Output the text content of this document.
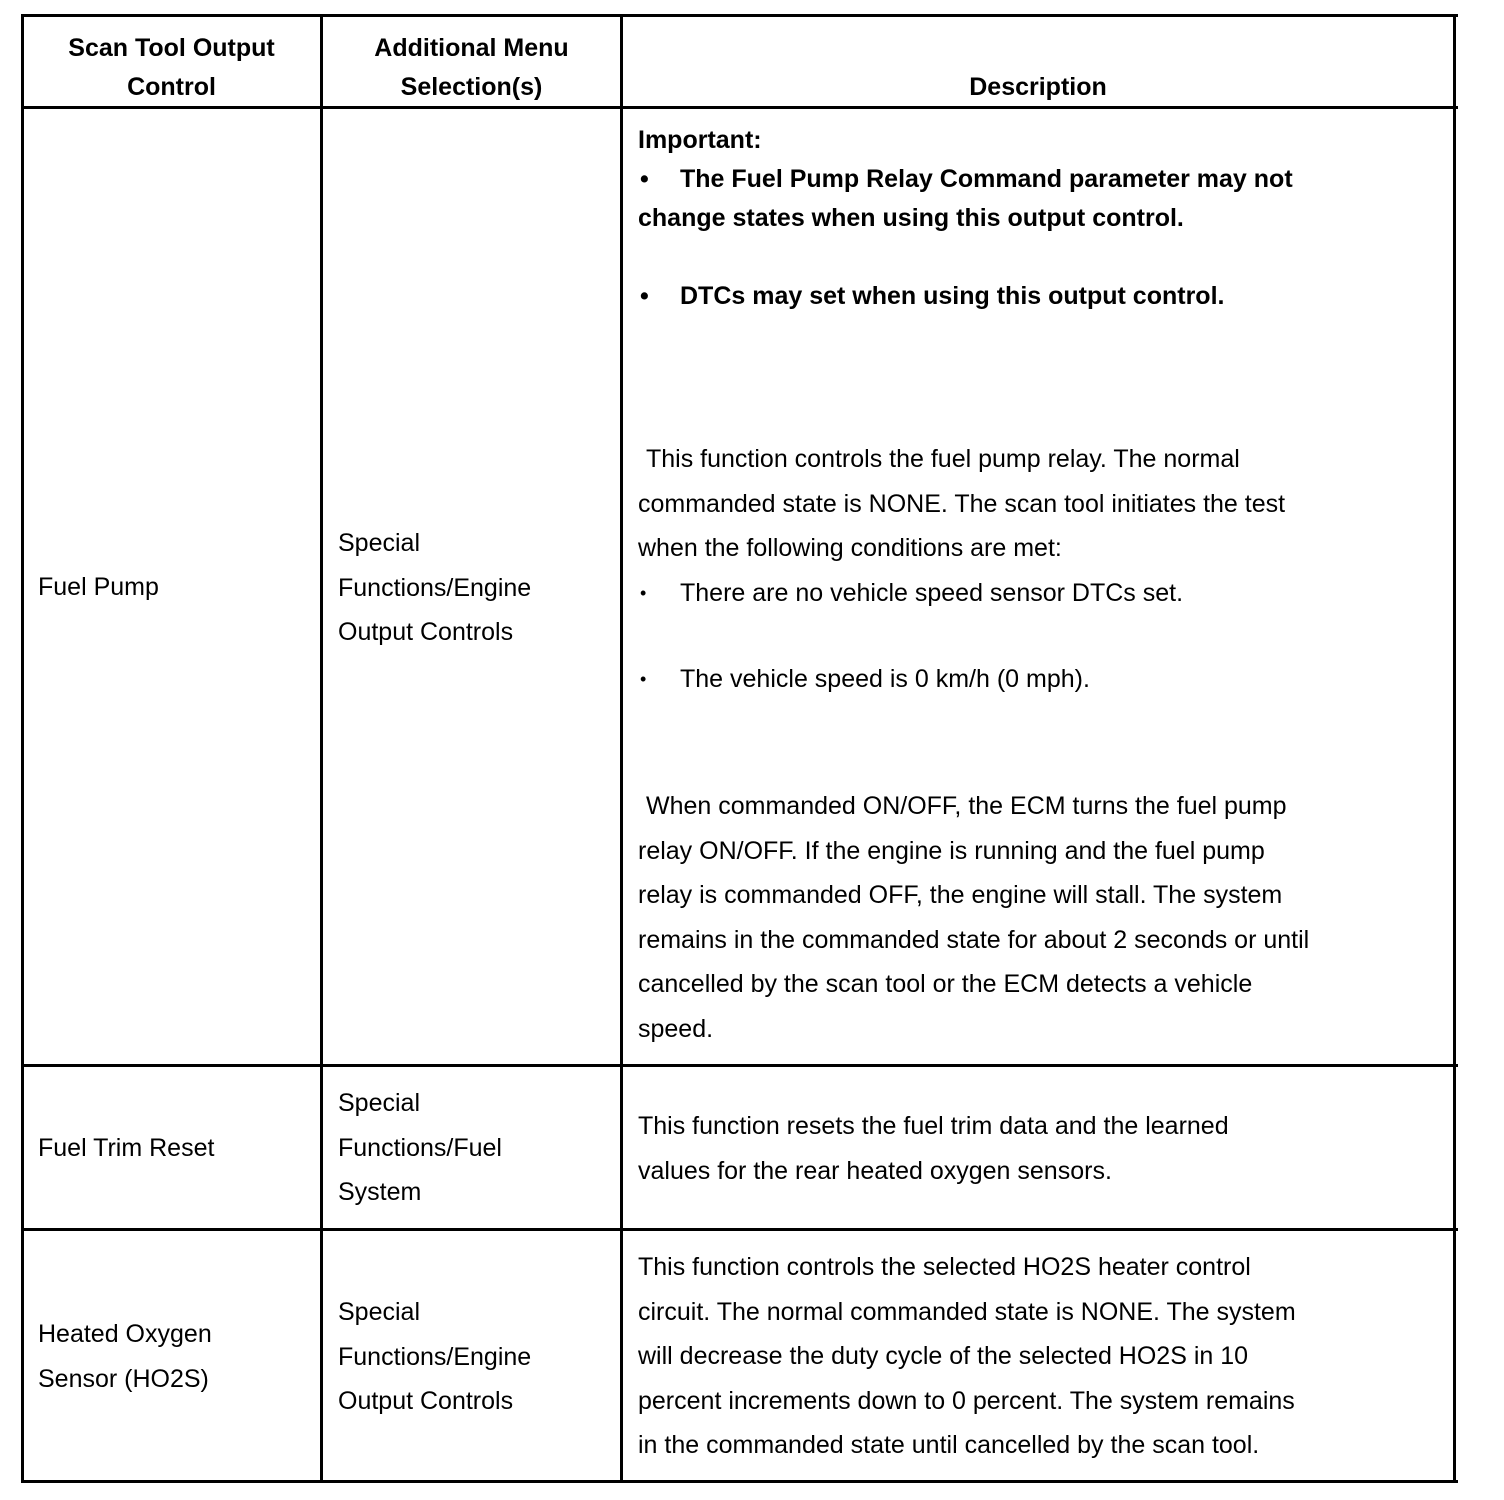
Scan Tool Output
Control
Additional Menu
Selection(s)	Description
Fuel Pump
Special
Functions/Engine
Output Controls
Important:
• The Fuel Pump Relay Command parameter may not
change states when using this output control.
• DTCs may set when using this output control.
This function controls the fuel pump relay. The normal
commanded state is NONE. The scan tool initiates the test
when the following conditions are met:
• There are no vehicle speed sensor DTCs set.
• The vehicle speed is 0 km/h (0 mph).
When commanded ON/OFF, the ECM turns the fuel pump
relay ON/OFF. If the engine is running and the fuel pump
relay is commanded OFF, the engine will stall. The system
remains in the commanded state for about 2 seconds or until
cancelled by the scan tool or the ECM detects a vehicle
speed.
Fuel Trim Reset
Special
Functions/Fuel
System
This function resets the fuel trim data and the learned
values for the rear heated oxygen sensors.
Heated Oxygen
Sensor (HO2S)
Special
Functions/Engine
Output Controls
This function controls the selected HO2S heater control
circuit. The normal commanded state is NONE. The system
will decrease the duty cycle of the selected HO2S in 10
percent increments down to 0 percent. The system remains
in the commanded state until cancelled by the scan tool.
